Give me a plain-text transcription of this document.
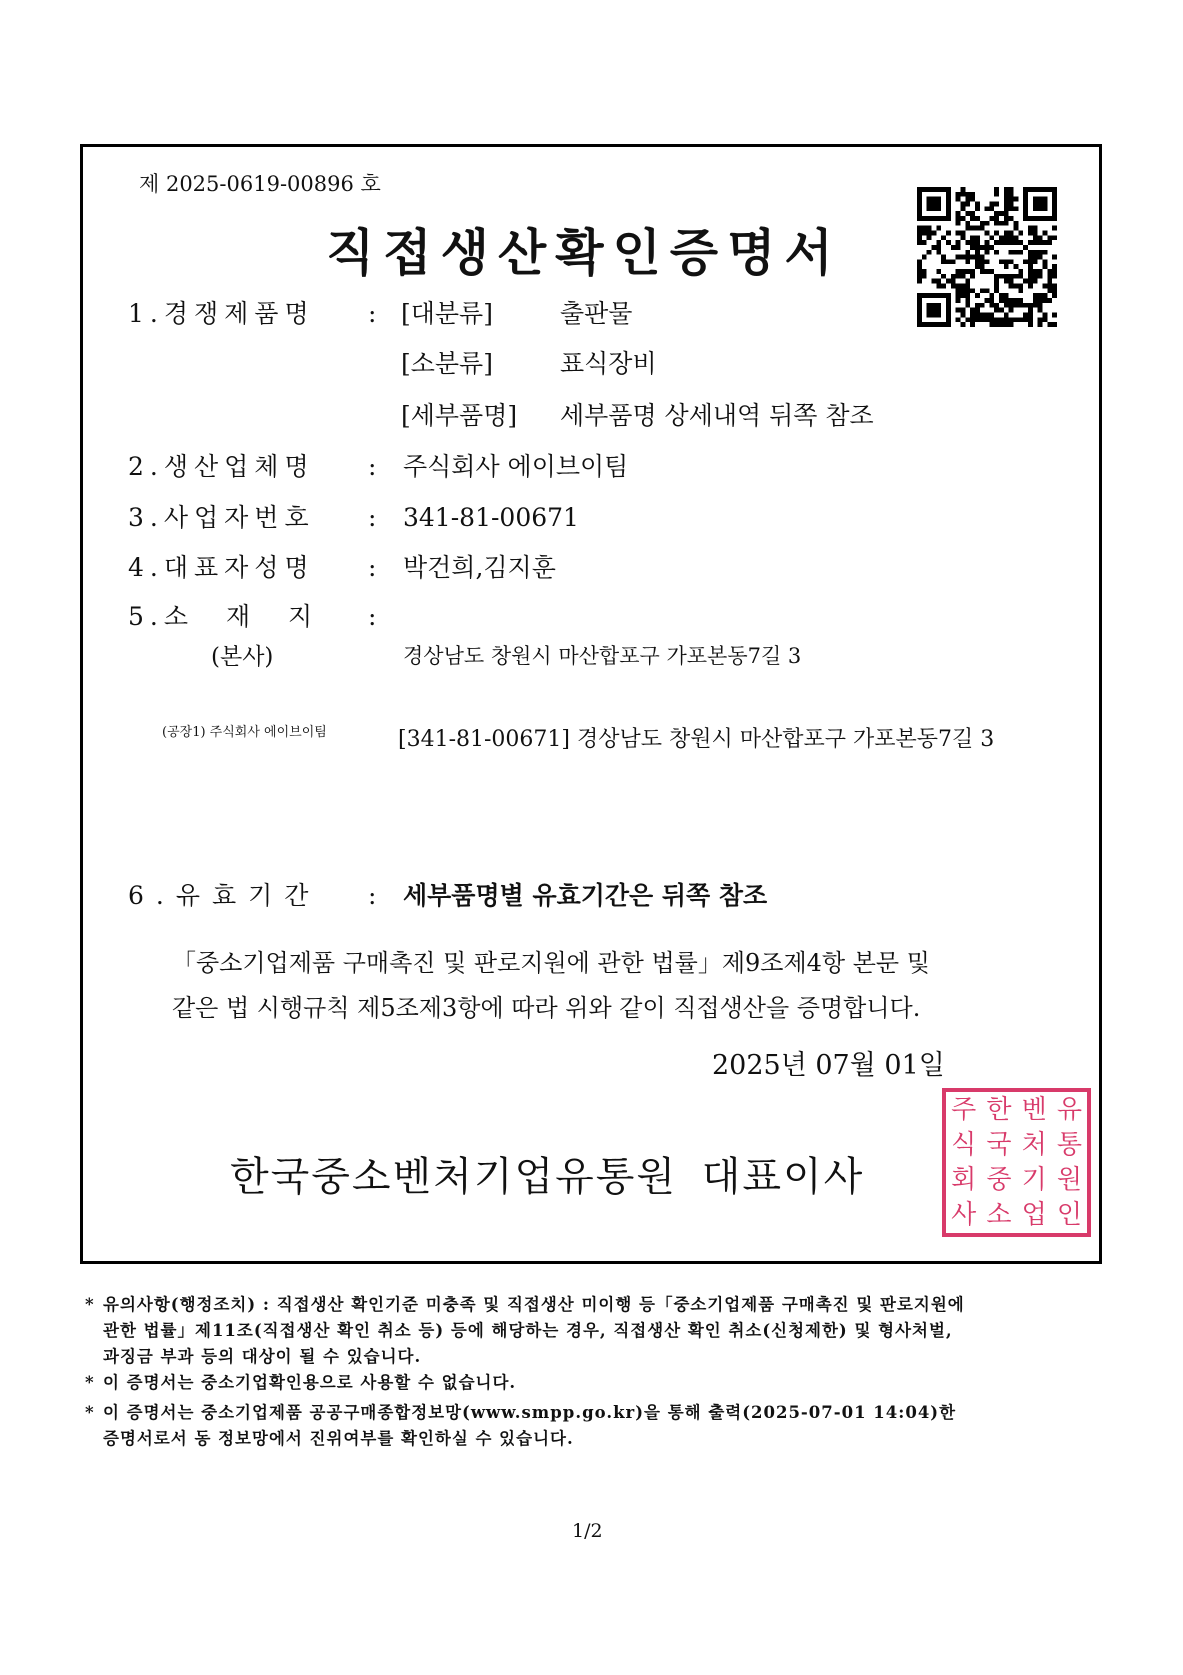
제 2025-0619-00896 호
직접생산확인증명서
1.경쟁제품명 : [대분류]	출판물
[소분류]	표식장비
[세부품명] 세부품명 상세내역 뒤쪽 참조
2.생산업체명 : 주식회사 에이브이팀
3.사업자번호 : 341-81-00671
4.대표자성명 : 박건희,김지훈
5.소 재 지 :
(본사)	경상남도 창원시 마산합포구 가포본동7길 3
(공장1) 주식회사 에이브이팀	[341-81-00671] 경상남도 창원시 마산합포구 가포본동7길 3
6.유효기간 : 세부품명별 유효기간은 뒤쪽 참조
「중소기업제품 구매촉진 및 판로지원에 관한 법률」제9조제4항 본문 및
같은 법 시행규칙 제5조제3항에 따라 위와 같이 직접생산을 증명합니다.
2025년 07월 01일
주
식
회
사
한
국
중
소
벤
처
기
업
유
통
원
인
한국중소벤처기업유통원 대표이사
* 유의사항(행정조치) : 직접생산 확인기준 미충족 및 직접생산 미이행 등「중소기업제품 구매촉진 및 판로지원에
관한 법률」제11조(직접생산 확인 취소 등) 등에 해당하는 경우, 직접생산 확인 취소(신청제한) 및 형사처벌,
과징금 부과 등의 대상이 될 수 있습니다.
* 이 증명서는 중소기업확인용으로 사용할 수 없습니다.
* 이 증명서는 중소기업제품 공공구매종합정보망(www.smpp.go.kr)을 통해 출력(2025-07-01 14:04)한
증명서로서 동 정보망에서 진위여부를 확인하실 수 있습니다.
1/2
